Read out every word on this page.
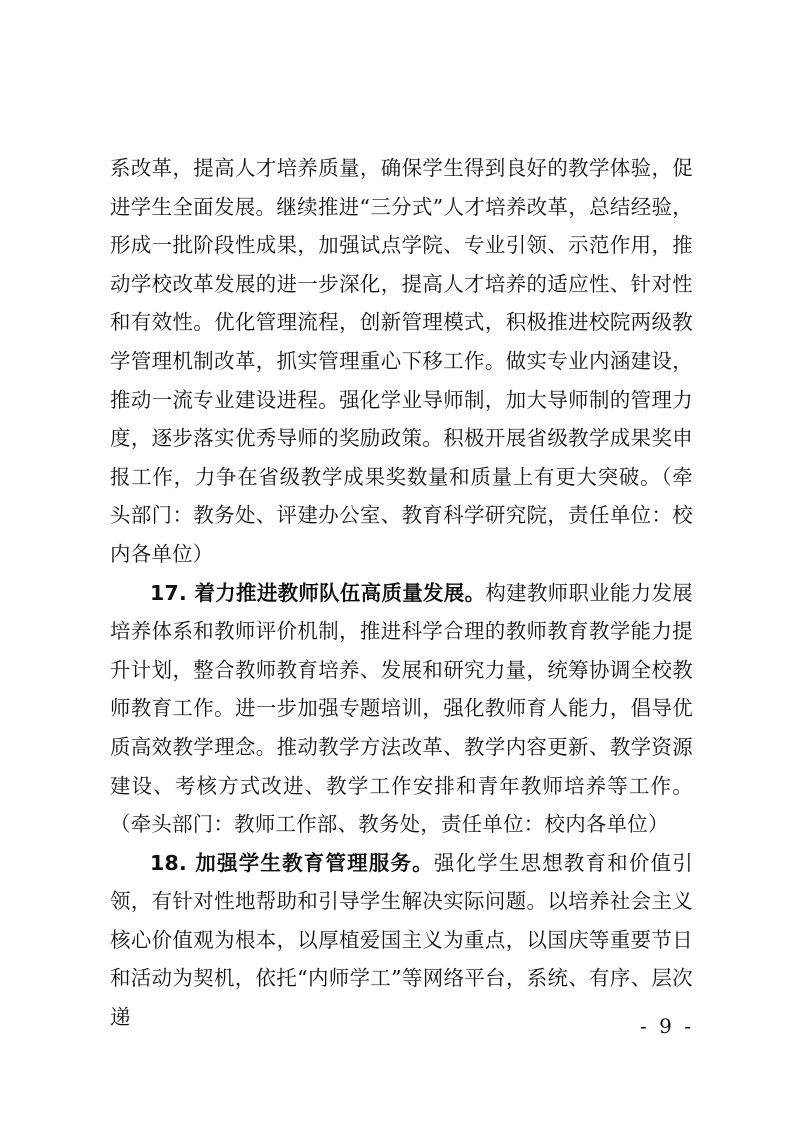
系改革，提高人才培养质量，确保学生得到良好的教学体验，促进学生全面发展。继续推进“三分式”人才培养改革，总结经验，形成一批阶段性成果，加强试点学院、专业引领、示范作用，推动学校改革发展的进一步深化，提高人才培养的适应性、针对性和有效性。优化管理流程，创新管理模式，积极推进校院两级教学管理机制改革，抓实管理重心下移工作。做实专业内涵建设，推动一流专业建设进程。强化学业导师制，加大导师制的管理力度，逐步落实优秀导师的奖励政策。积极开展省级教学成果奖申报工作，力争在省级教学成果奖数量和质量上有更大突破。（牵头部门：教务处、评建办公室、教育科学研究院，责任单位：校内各单位）

17. 着力推进教师队伍高质量发展。构建教师职业能力发展培养体系和教师评价机制，推进科学合理的教师教育教学能力提升计划，整合教师教育培养、发展和研究力量，统筹协调全校教师教育工作。进一步加强专题培训，强化教师育人能力，倡导优质高效教学理念。推动教学方法改革、教学内容更新、教学资源建设、考核方式改进、教学工作安排和青年教师培养等工作。（牵头部门：教师工作部、教务处，责任单位：校内各单位）

18. 加强学生教育管理服务。强化学生思想教育和价值引领，有针对性地帮助和引导学生解决实际问题。以培养社会主义核心价值观为根本，以厚植爱国主义为重点，以国庆等重要节日和活动为契机，依托“内师学工”等网络平台，系统、有序、层次递	- 9 -
